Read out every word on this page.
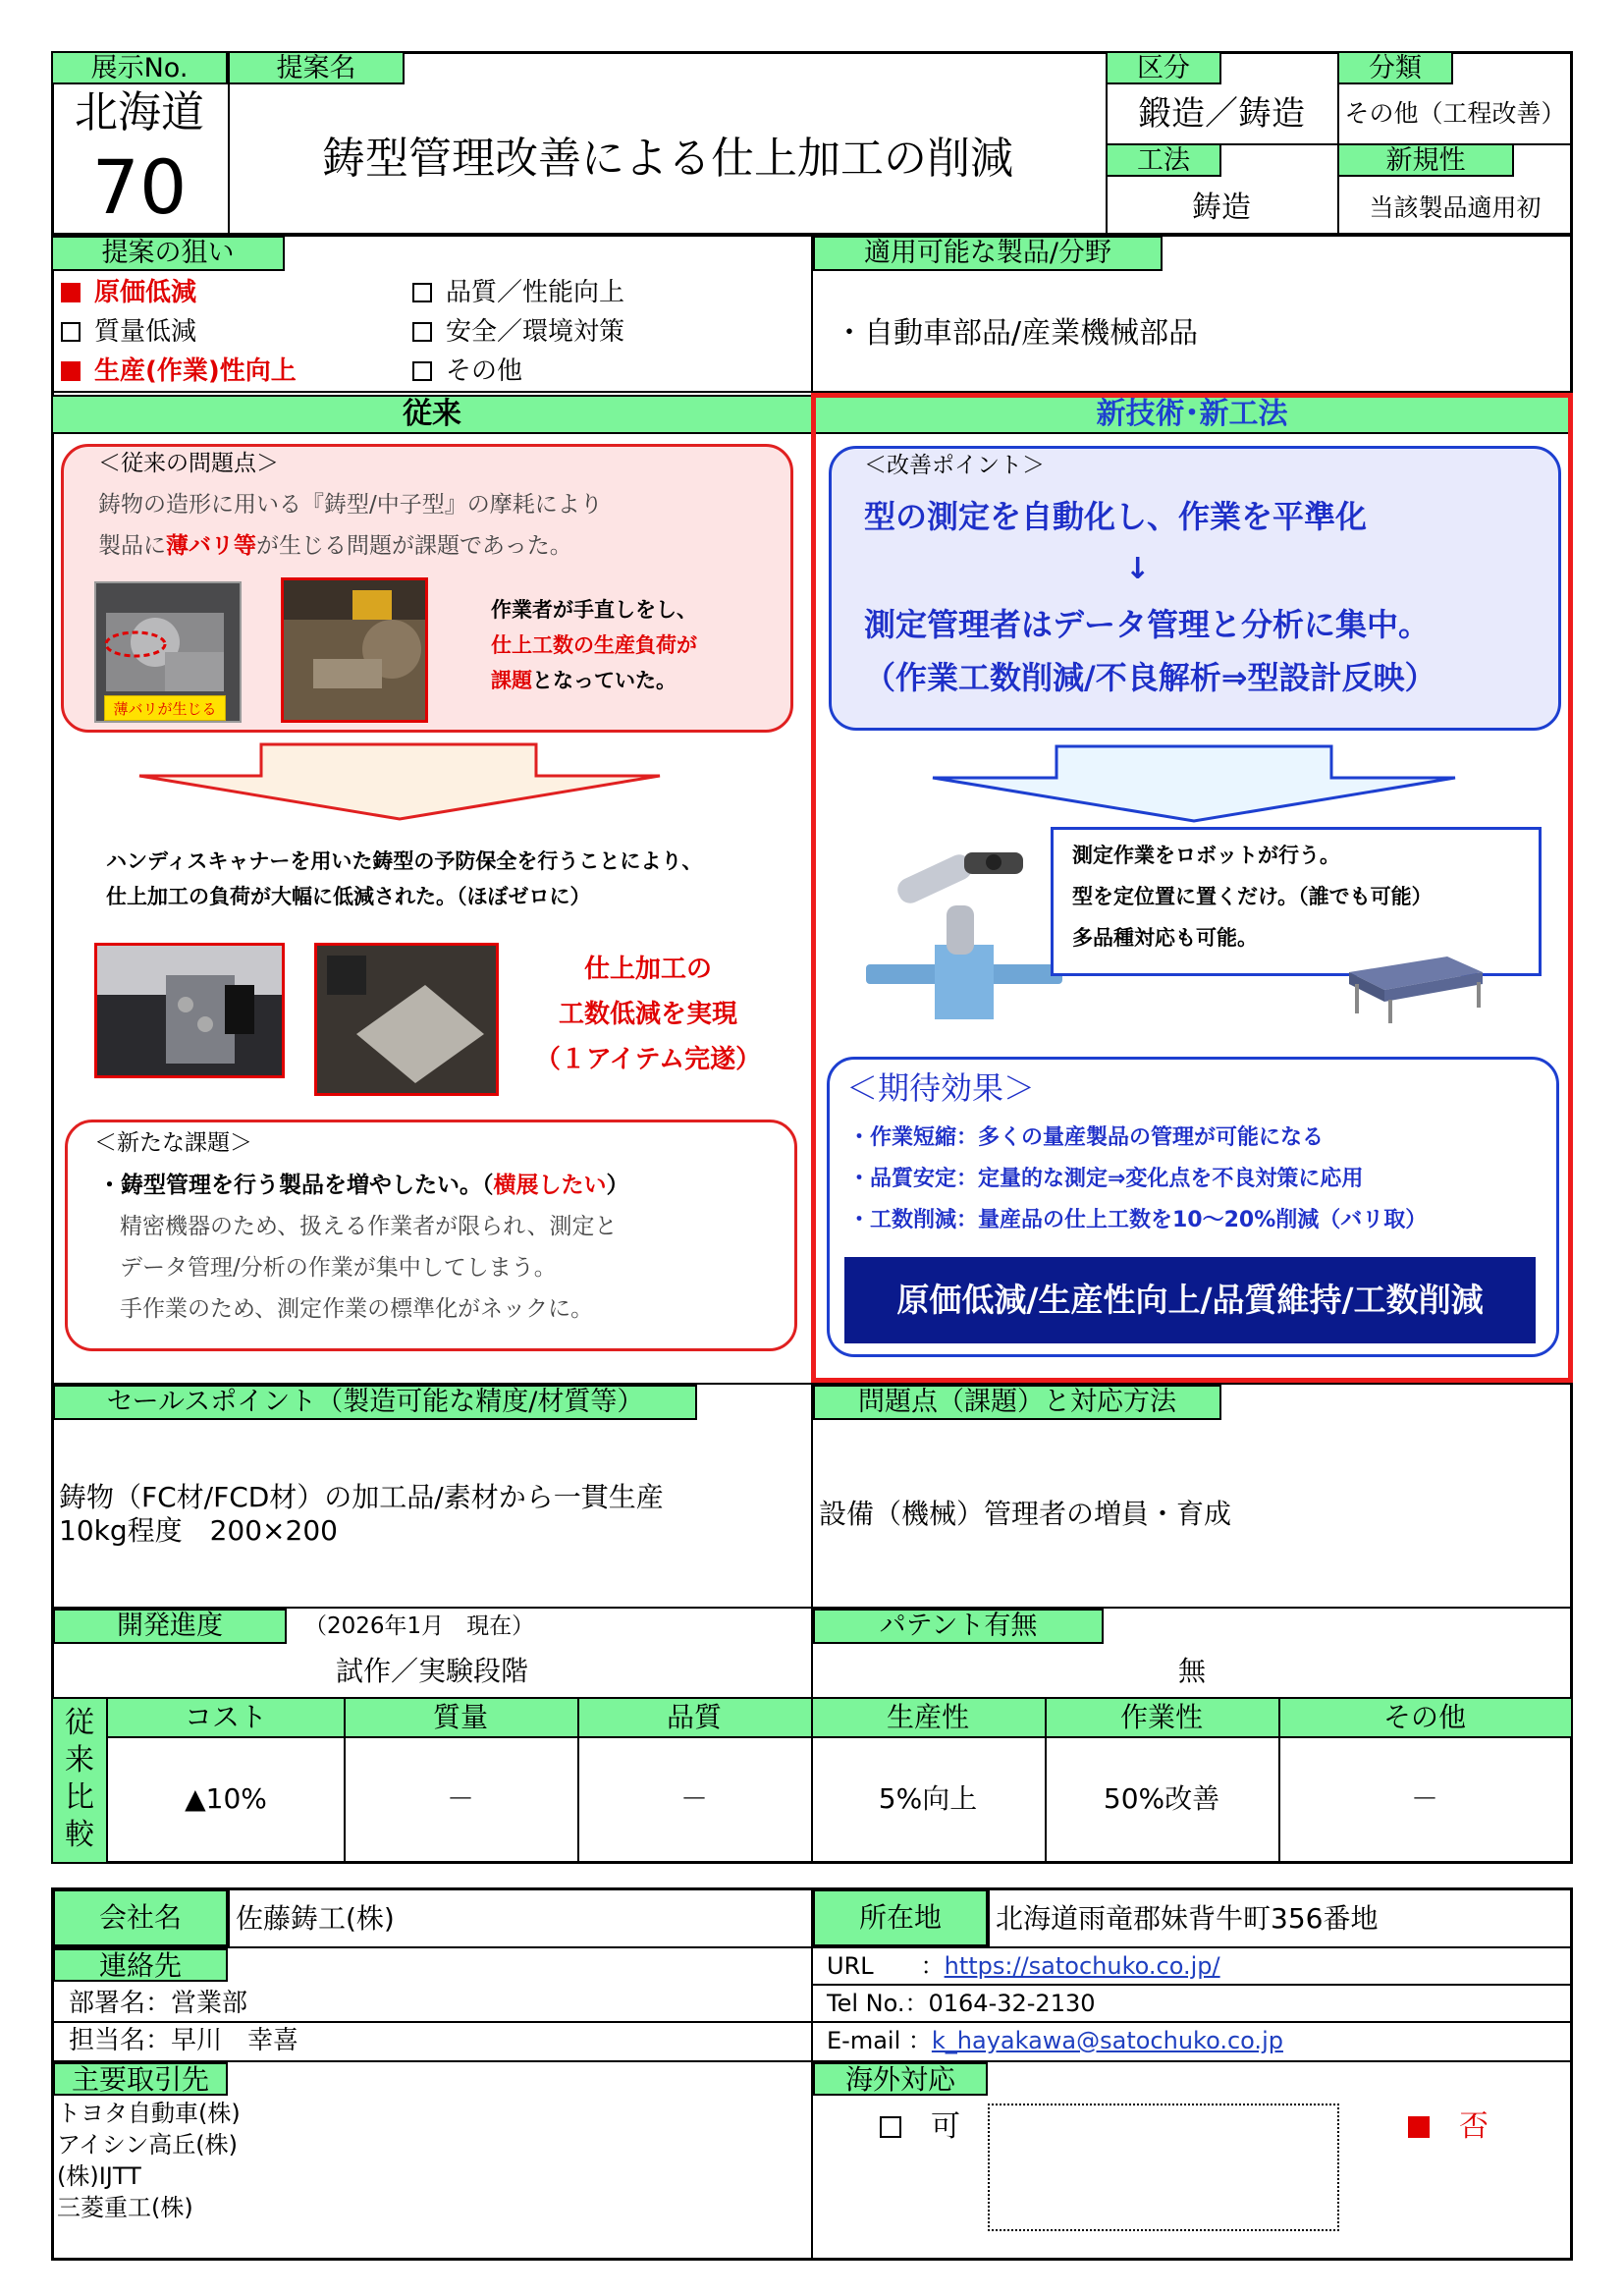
展示No.
北海道
70
提案名
鋳型管理改善による仕上加工の削減
区分
鍛造／鋳造
分類
その他（工程改善）
工法
鋳造
新規性
当該製品適用初
提案の狙い
原価低減	品質／性能向上
質量低減	安全／環境対策
生産(作業)性向上	その他
適用可能な製品/分野
・自動車部品/産業機械部品
従来	新技術･新工法
＜従来の問題点＞
鋳物の造形に用いる『鋳型/中子型』の摩耗により
製品に薄バリ等が生じる問題が課題であった。
薄バリが生じる
作業者が手直しをし、
仕上工数の生産負荷が
課題となっていた。
ハンディスキャナーを用いた鋳型の予防保全を行うことにより、
仕上加工の負荷が大幅に低減された。（ほぼゼロに）
仕上加工の
工数低減を実現
（１アイテム完遂）
＜新たな課題＞
・鋳型管理を行う製品を増やしたい。（横展したい）
精密機器のため、扱える作業者が限られ、測定と
データ管理/分析の作業が集中してしまう。
手作業のため、測定作業の標準化がネックに。
＜改善ポイント＞
型の測定を自動化し、作業を平準化
↓
測定管理者はデータ管理と分析に集中。
（作業工数削減/不良解析⇒型設計反映）
測定作業をロボットが行う。
型を定位置に置くだけ。（誰でも可能）
多品種対応も可能。
＜期待効果＞
・作業短縮：多くの量産製品の管理が可能になる
・品質安定：定量的な測定⇒変化点を不良対策に応用
・工数削減：量産品の仕上工数を10～20%削減（バリ取）
原価低減/生産性向上/品質維持/工数削減
セールスポイント（製造可能な精度/材質等）
鋳物（FC材/FCD材）の加工品/素材から一貫生産
10kg程度　200×200
問題点（課題）と対応方法
設備（機械）管理者の増員・育成
開発進度	（2026年1月　現在）
試作／実験段階
パテント有無
無
従
来
比
較
コスト	質量	品質	生産性	作業性	その他
▲10%	－	－	5%向上	50%改善	－
会社名	佐藤鋳工(株)	所在地	北海道雨竜郡妹背牛町356番地
連絡先
部署名：営業部
担当名：早川　幸喜
URL　　：https://satochuko.co.jp/
Tel No.：0164-32-2130
E-mail ：k_hayakawa@satochuko.co.jp
主要取引先
トヨタ自動車(株)
アイシン高丘(株)
(株)IJTT
三菱重工(株)
海外対応
可	否
